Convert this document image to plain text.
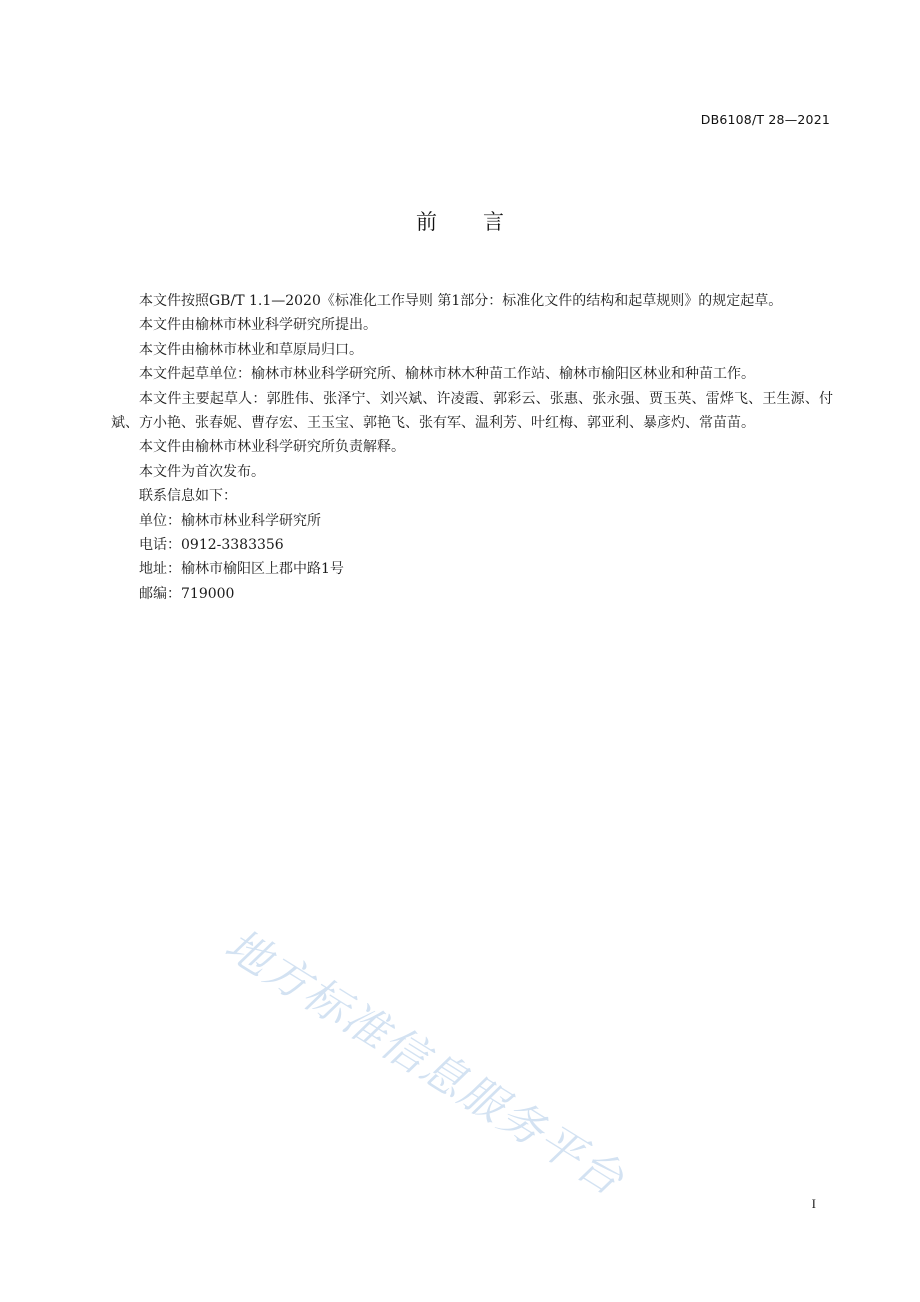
DB6108/T 28—2021
前言

本文件按照GB/T 1.1—2020《标准化工作导则 第1部分：标准化文件的结构和起草规则》的规定起草。

本文件由榆林市林业科学研究所提出。

本文件由榆林市林业和草原局归口。

本文件起草单位：榆林市林业科学研究所、榆林市林木种苗工作站、榆林市榆阳区林业和种苗工作。

本文件主要起草人：郭胜伟、张泽宁、刘兴斌、许凌霞、郭彩云、张惠、张永强、贾玉英、雷烨飞、王生源、付斌、方小艳、张春妮、曹存宏、王玉宝、郭艳飞、张有军、温利芳、叶红梅、郭亚利、暴彦灼、常苗苗。

本文件由榆林市林业科学研究所负责解释。

本文件为首次发布。

联系信息如下：

单位：榆林市林业科学研究所

电话：0912-3383356

地址：榆林市榆阳区上郡中路1号

邮编：719000

地方标准信息服务平台	I
